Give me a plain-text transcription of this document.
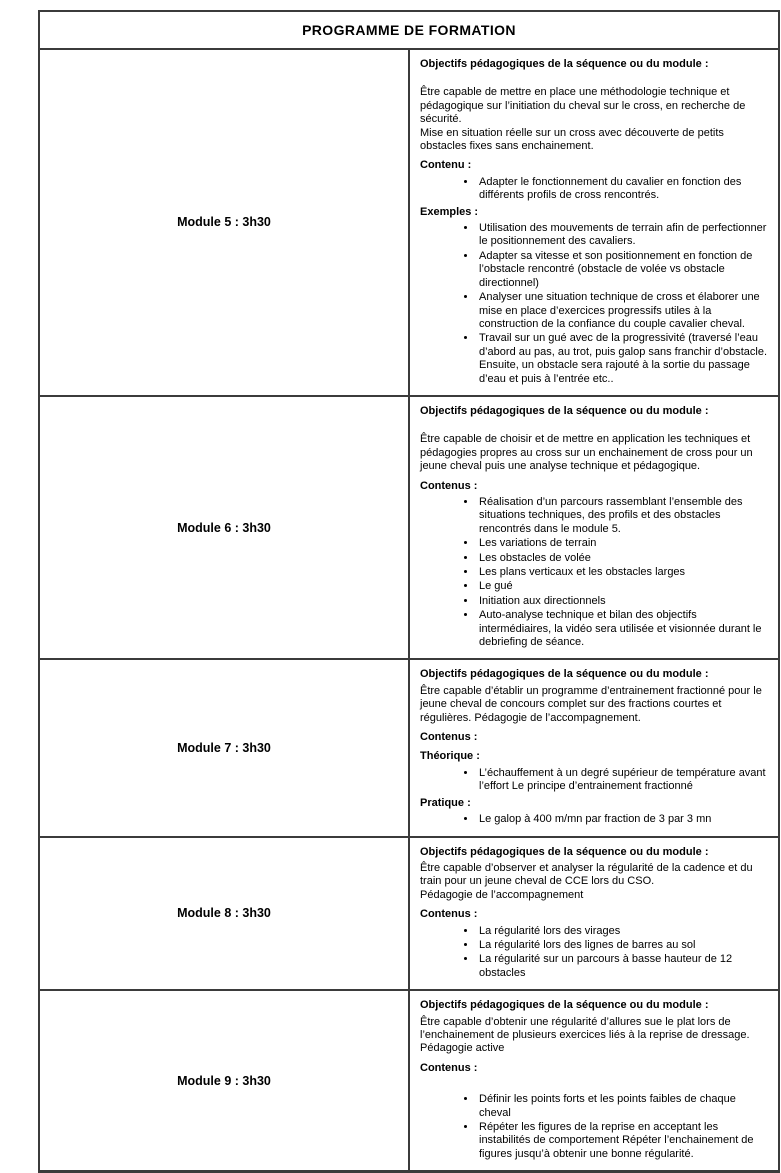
PROGRAMME DE FORMATION	

Module 5 : 3h30

Objectifs pédagogiques de la séquence ou du module :

Être capable de mettre en place une méthodologie technique et pédagogique sur l’initiation du cheval sur le cross, en recherche de sécurité.

Mise en situation réelle sur un cross avec découverte de petits obstacles fixes sans enchainement.

Contenu :

• Adapter le fonctionnement du cavalier en fonction des différents profils de cross rencontrés.

Exemples :

• Utilisation des mouvements de terrain afin de perfectionner le positionnement des cavaliers.
• Adapter sa vitesse et son positionnement en fonction de l’obstacle rencontré (obstacle de volée vs obstacle directionnel)
• Analyser une situation technique de cross et élaborer une mise en place d’exercices progressifs utiles à la construction de la confiance du couple cavalier cheval.
• Travail sur un gué avec de la progressivité (traversé l’eau d’abord au pas, au trot, puis galop sans franchir d’obstacle. Ensuite, un obstacle sera rajouté à la sortie du passage d’eau et puis à l’entrée etc..

Module 6 : 3h30

Objectifs pédagogiques de la séquence ou du module :

Être capable de choisir et de mettre en application les techniques et pédagogies propres au cross sur un enchainement de cross pour un jeune cheval puis une analyse technique et pédagogique.

Contenus :

• Réalisation d’un parcours rassemblant l’ensemble des situations techniques, des profils et des obstacles rencontrés dans le module 5.
• Les variations de terrain
• Les obstacles de volée
• Les plans verticaux et les obstacles larges
• Le gué
• Initiation aux directionnels
• Auto-analyse technique et bilan des objectifs intermédiaires, la vidéo sera utilisée et visionnée durant le debriefing de séance.

Module 7 : 3h30

Objectifs pédagogiques de la séquence ou du module :

Être capable d’établir un programme d’entrainement fractionné pour le jeune cheval de concours complet sur des fractions courtes et régulières. Pédagogie de l’accompagnement.

Contenus :

Théorique :

• L’échauffement à un degré supérieur de température avant l’effort Le principe d’entrainement fractionné

Pratique :

• Le galop à 400 m/mn par fraction de 3 par 3 mn

Module 8 : 3h30

Objectifs pédagogiques de la séquence ou du module :

Être capable d’observer et analyser la régularité de la cadence et du train pour un jeune cheval de CCE lors du CSO.

Pédagogie de l’accompagnement

Contenus :

• La régularité lors des virages
• La régularité lors des lignes de barres au sol
• La régularité sur un parcours à basse hauteur de 12 obstacles

Module 9 : 3h30

Objectifs pédagogiques de la séquence ou du module :

Être capable d’obtenir une régularité d’allures sue le plat lors de l’enchainement de plusieurs exercices liés à la reprise de dressage.

Pédagogie active

Contenus :

• Définir les points forts et les points faibles de chaque cheval
• Répéter les figures de la reprise en acceptant les instabilités de comportement Répéter l’enchainement de figures jusqu’à obtenir une bonne régularité.
